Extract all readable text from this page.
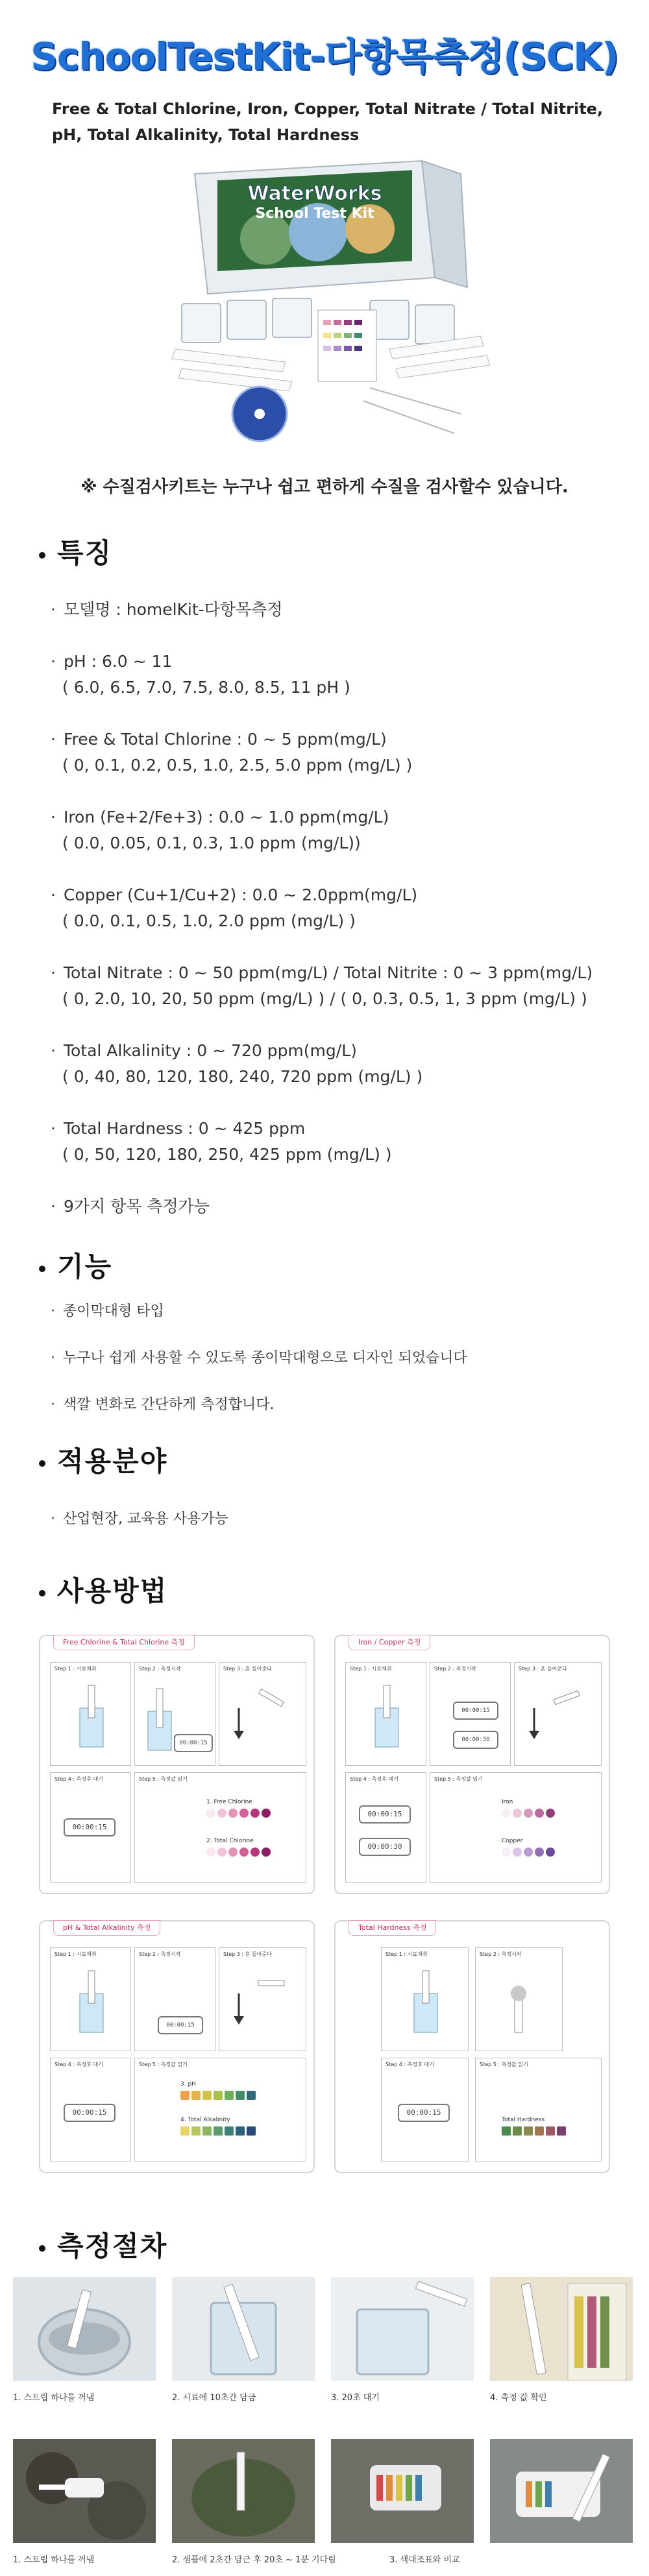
SchoolTestKit-다항목측정(SCK)

Free & Total Chlorine, Iron, Copper, Total Nitrate / Total Nitrite, pH, Total Alkalinity, Total Hardness

WaterWorks
School Test Kit

※ 수질검사키트는 누구나 쉽고 편하게 수질을 검사할수 있습니다.

특징
· 모델명 : homelKit-다항목측정
· pH : 6.0 ~ 11
( 6.0, 6.5, 7.0, 7.5, 8.0, 8.5, 11 pH )
· Free & Total Chlorine : 0 ~ 5 ppm(mg/L)
( 0, 0.1, 0.2, 0.5, 1.0, 2.5, 5.0 ppm (mg/L) )
· Iron (Fe+2/Fe+3) : 0.0 ~ 1.0 ppm(mg/L)
( 0.0, 0.05, 0.1, 0.3, 1.0 ppm (mg/L))
· Copper (Cu+1/Cu+2) : 0.0 ~ 2.0ppm(mg/L)
( 0.0, 0.1, 0.5, 1.0, 2.0 ppm (mg/L) )
· Total Nitrate : 0 ~ 50 ppm(mg/L) / Total Nitrite : 0 ~ 3 ppm(mg/L)
( 0, 2.0, 10, 20, 50 ppm (mg/L) ) / ( 0, 0.3, 0.5, 1, 3 ppm (mg/L) )
· Total Alkalinity : 0 ~ 720 ppm(mg/L)
( 0, 40, 80, 120, 180, 240, 720 ppm (mg/L) )
· Total Hardness : 0 ~ 425 ppm
( 0, 50, 120, 180, 250, 425 ppm (mg/L) )
· 9가지 항목 측정가능
기능

· 종이막대형 타입

· 누구나 쉽게 사용할 수 있도록 종이막대형으로 디자인 되었습니다

· 색깔 변화로 간단하게 측정합니다.

적용분야

· 산업현장, 교육용 사용가능

사용방법
Free Chlorine & Total Chlorine 측정
Step 1 : 시료채취	Step 2 : 측정시작
00:00:15
Step 3 : 흔 들어준다
Step 4 : 측정후 대기
00:00:15
Step 5 : 측정값 읽기
1. Free Chlorine
2. Total Chlorine
Iron / Copper 측정
Step 1 : 시료채취	Step 2 : 측정시작
00:00:15
00:00:30
Step 3 : 흔 들어준다
Step 4 : 측정후 대기
00:00:15
00:00:30
Step 5 : 측정값 읽기
Iron
Copper
pH & Total Alkalinity 측정
Step 1 : 시료채취	Step 2 : 측정시작
00:00:15
Step 3 : 흔 들어준다
Step 4 : 측정후 대기
00:00:15
Step 5 : 측정값 읽기
3. pH
4. Total Alkalinity
Total Hardness 측정
Step 1 : 시료채취	Step 2 : 측정시작
Step 4 : 측정후 대기
00:00:15
Step 5 : 측정값 읽기
Total Hardness
측정절차

1. 스트립 하나를 꺼냄	2. 시료에 10초간 담금	3. 20초 대기	4. 측정 값 확인

1. 스트립 하나를 꺼냄	2. 샘플에 2초간 담근 후 20초 ~ 1분 기다림	3. 색대조표와 비교
